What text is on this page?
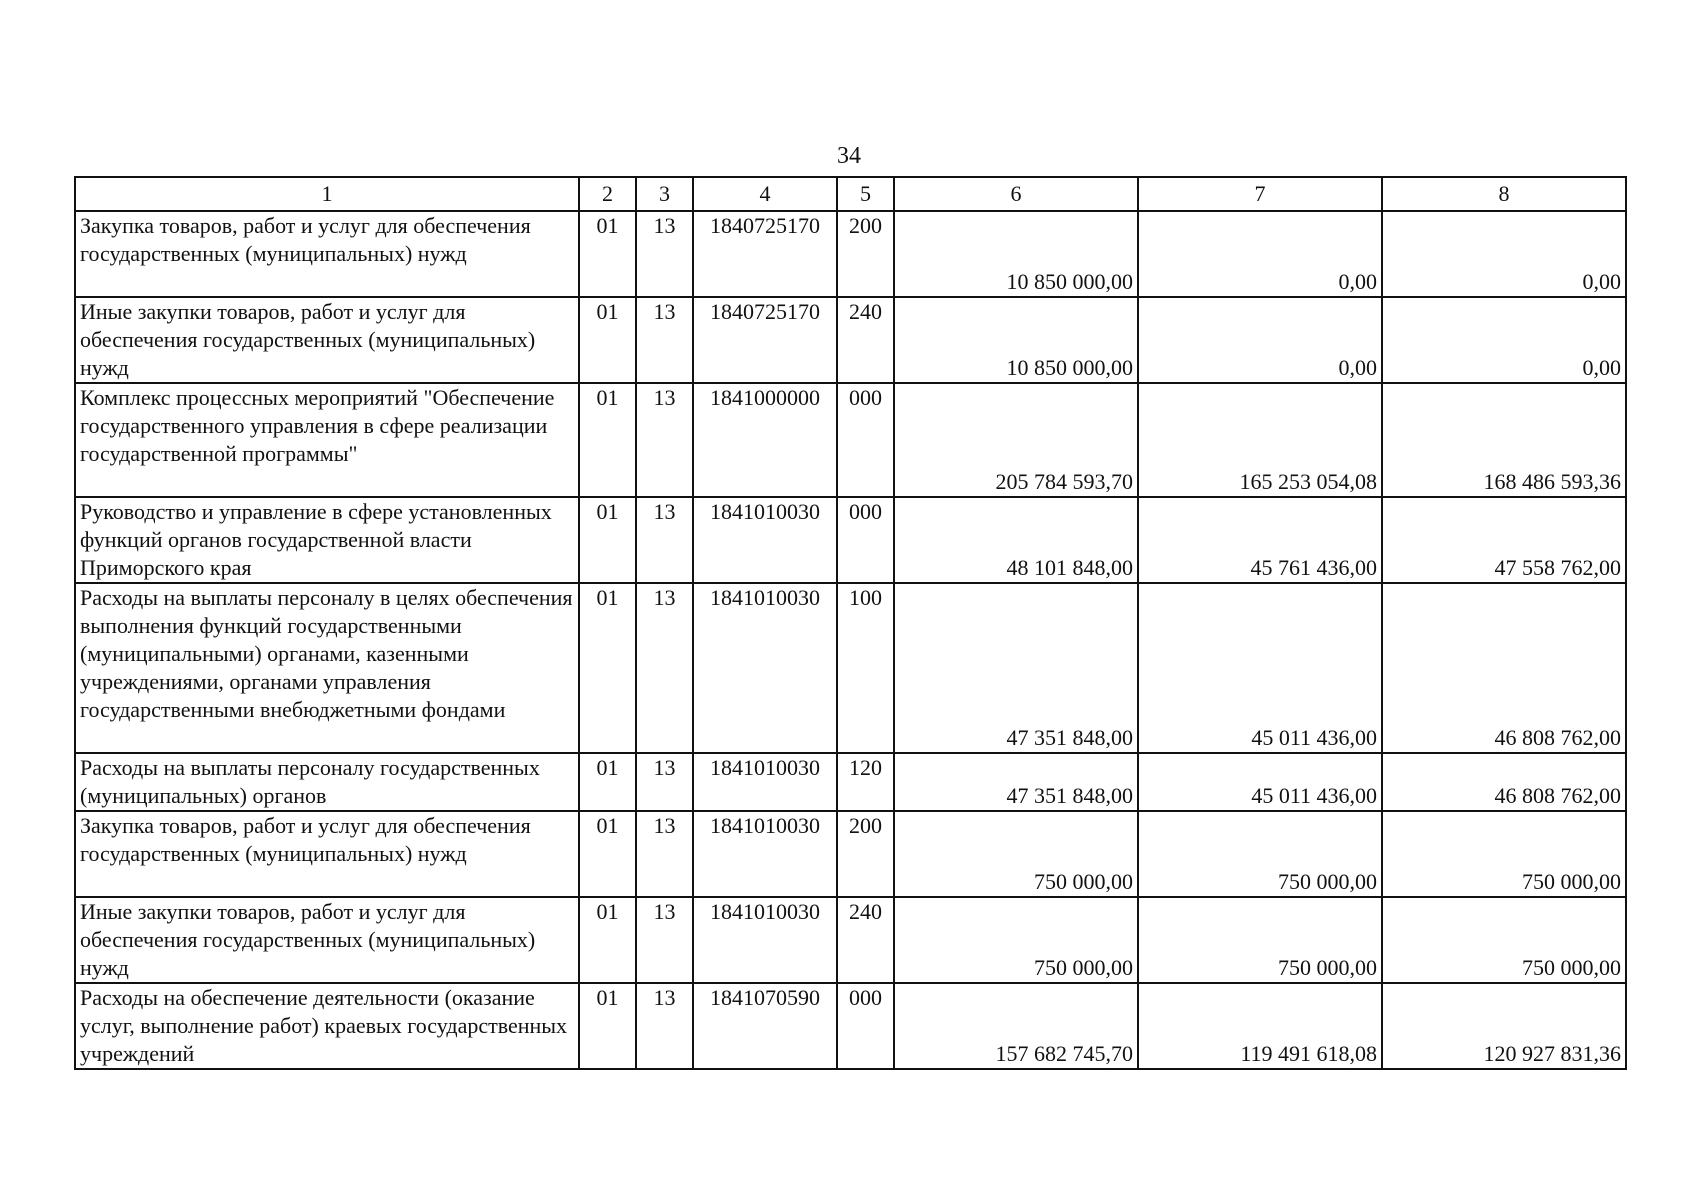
34
1	2	3	4	5	6	7	8
Закупка товаров, работ и услуг для обеспечения государственных (муниципальных) нужд	01	13	1840725170	200	10 850 000,00	0,00	0,00
Иные закупки товаров, работ и услуг для обеспечения государственных (муниципальных) нужд	01	13	1840725170	240	10 850 000,00	0,00	0,00
Комплекс процессных мероприятий "Обеспечение государственного управления в сфере реализации государственной программы"	01	13	1841000000	000	205 784 593,70	165 253 054,08	168 486 593,36
Руководство и управление в сфере установленных функций органов государственной власти Приморского края	01	13	1841010030	000	48 101 848,00	45 761 436,00	47 558 762,00
Расходы на выплаты персоналу в целях обеспечения выполнения функций государственными (муниципальными) органами, казенными учреждениями, органами управления государственными внебюджетными фондами	01	13	1841010030	100	47 351 848,00	45 011 436,00	46 808 762,00
Расходы на выплаты персоналу государственных (муниципальных) органов	01	13	1841010030	120	47 351 848,00	45 011 436,00	46 808 762,00
Закупка товаров, работ и услуг для обеспечения государственных (муниципальных) нужд	01	13	1841010030	200	750 000,00	750 000,00	750 000,00
Иные закупки товаров, работ и услуг для обеспечения государственных (муниципальных) нужд	01	13	1841010030	240	750 000,00	750 000,00	750 000,00
Расходы на обеспечение деятельности (оказание услуг, выполнение работ) краевых государственных учреждений	01	13	1841070590	000	157 682 745,70	119 491 618,08	120 927 831,36
